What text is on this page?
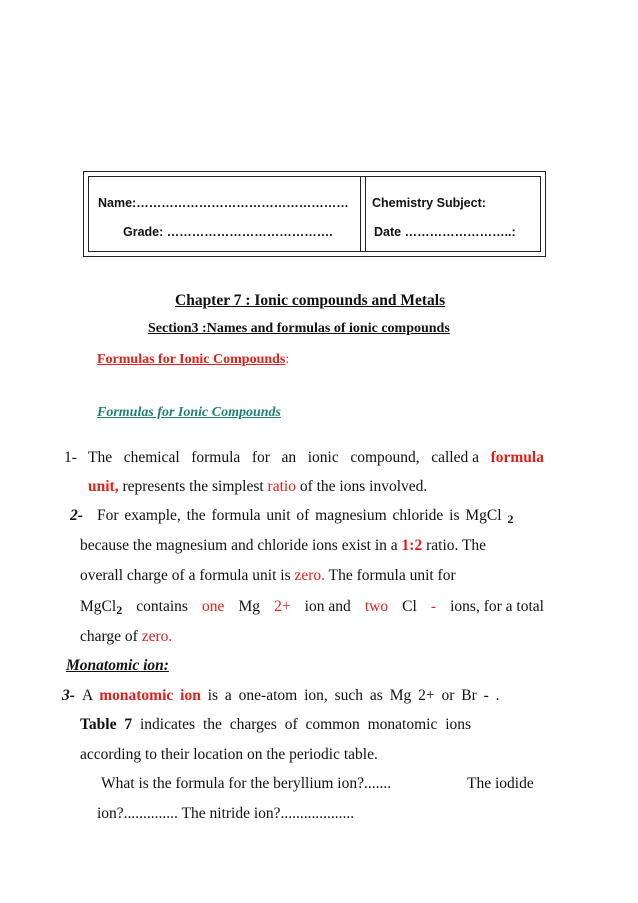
Name:…………………………………………… Chemistry Subject:
Grade: ………………………………….	Date ……………………..:
Chapter 7 : Ionic compounds and Metals
Section3 :Names and formulas of ionic compounds
Formulas for Ionic Compounds:
Formulas for Ionic Compounds
1- The chemical formula for an ionic compound, called a formula
unit, represents the simplest ratio of the ions involved.
2- For example, the formula unit of magnesium chloride is MgCl 2
because the magnesium and chloride ions exist in a 1:2 ratio. The
overall charge of a formula unit is zero. The formula unit for
MgCl2 contains one Mg 2+ ion and two Cl - ions, for a total
charge of zero.
Monatomic ion:
3- A monatomic ion is a one-atom ion, such as Mg 2+ or Br - .
Table 7 indicates the charges of common monatomic ions
according to their location on the periodic table.
What is the formula for the beryllium ion?.......	The iodide
ion?.............. The nitride ion?...................
